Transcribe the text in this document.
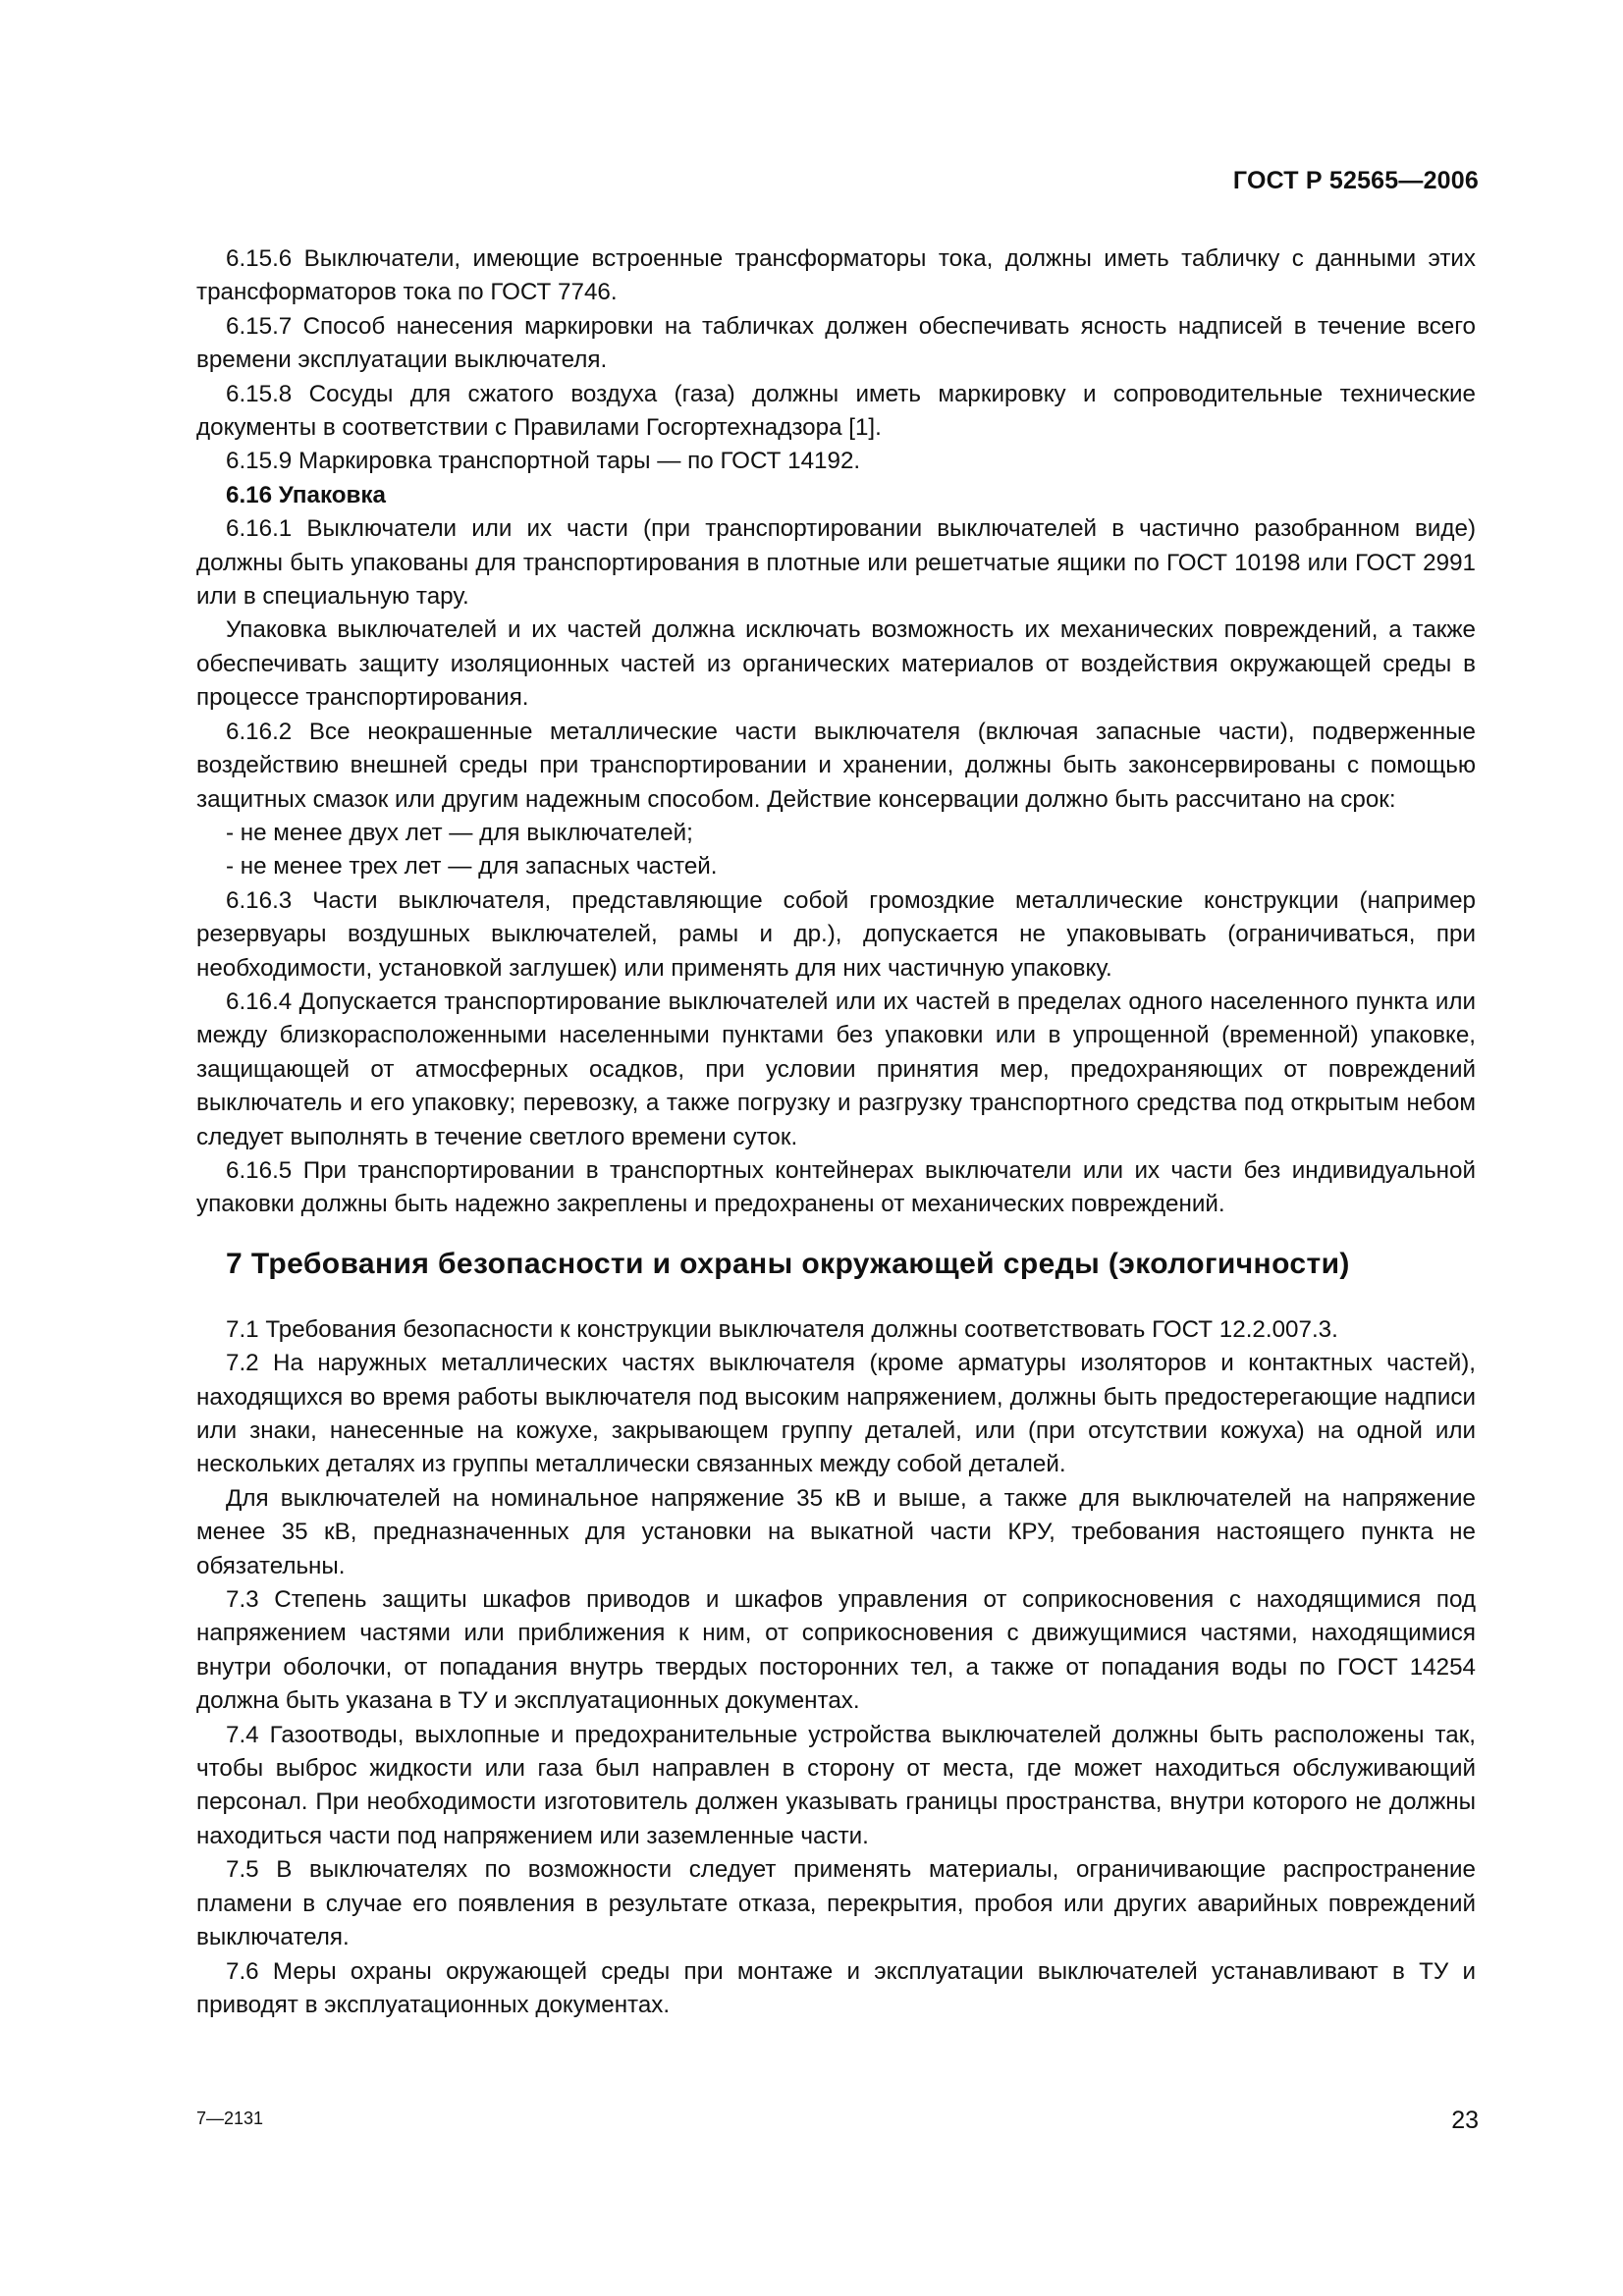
ГОСТ Р 52565—2006

6.15.6 Выключатели, имеющие встроенные трансформаторы тока, должны иметь табличку с данными этих трансформаторов тока по ГОСТ 7746.

6.15.7 Способ нанесения маркировки на табличках должен обеспечивать ясность надписей в течение всего времени эксплуатации выключателя.

6.15.8 Сосуды для сжатого воздуха (газа) должны иметь маркировку и сопроводительные технические документы в соответствии с Правилами Госгортехнадзора [1].

6.15.9 Маркировка транспортной тары — по ГОСТ 14192.

6.16 Упаковка

6.16.1 Выключатели или их части (при транспортировании выключателей в частично разобранном виде) должны быть упакованы для транспортирования в плотные или решетчатые ящики по ГОСТ 10198 или ГОСТ 2991 или в специальную тару.

Упаковка выключателей и их частей должна исключать возможность их механических повреждений, а также обеспечивать защиту изоляционных частей из органических материалов от воздействия окружающей среды в процессе транспортирования.

6.16.2 Все неокрашенные металлические части выключателя (включая запасные части), подверженные воздействию внешней среды при транспортировании и хранении, должны быть законсервированы с помощью защитных смазок или другим надежным способом. Действие консервации должно быть рассчитано на срок:

- не менее двух лет — для выключателей;

- не менее трех лет — для запасных частей.

6.16.3 Части выключателя, представляющие собой громоздкие металлические конструкции (например резервуары воздушных выключателей, рамы и др.), допускается не упаковывать (ограничиваться, при необходимости, установкой заглушек) или применять для них частичную упаковку.

6.16.4 Допускается транспортирование выключателей или их частей в пределах одного населенного пункта или между близкорасположенными населенными пунктами без упаковки или в упрощенной (временной) упаковке, защищающей от атмосферных осадков, при условии принятия мер, предохраняющих от повреждений выключатель и его упаковку; перевозку, а также погрузку и разгрузку транспортного средства под открытым небом следует выполнять в течение светлого времени суток.

6.16.5 При транспортировании в транспортных контейнерах выключатели или их части без индивидуальной упаковки должны быть надежно закреплены и предохранены от механических повреждений.

7 Требования безопасности и охраны окружающей среды (экологичности)

7.1 Требования безопасности к конструкции выключателя должны соответствовать ГОСТ 12.2.007.3.

7.2 На наружных металлических частях выключателя (кроме арматуры изоляторов и контактных частей), находящихся во время работы выключателя под высоким напряжением, должны быть предостерегающие надписи или знаки, нанесенные на кожухе, закрывающем группу деталей, или (при отсутствии кожуха) на одной или нескольких деталях из группы металлически связанных между собой деталей.

Для выключателей на номинальное напряжение 35 кВ и выше, а также для выключателей на напряжение менее 35 кВ, предназначенных для установки на выкатной части КРУ, требования настоящего пункта не обязательны.

7.3 Степень защиты шкафов приводов и шкафов управления от соприкосновения с находящимися под напряжением частями или приближения к ним, от соприкосновения с движущимися частями, находящимися внутри оболочки, от попадания внутрь твердых посторонних тел, а также от попадания воды по ГОСТ 14254 должна быть указана в ТУ и эксплуатационных документах.

7.4 Газоотводы, выхлопные и предохранительные устройства выключателей должны быть расположены так, чтобы выброс жидкости или газа был направлен в сторону от места, где может находиться обслуживающий персонал. При необходимости изготовитель должен указывать границы пространства, внутри которого не должны находиться части под напряжением или заземленные части.

7.5 В выключателях по возможности следует применять материалы, ограничивающие распространение пламени в случае его появления в результате отказа, перекрытия, пробоя или других аварийных повреждений выключателя.

7.6 Меры охраны окружающей среды при монтаже и эксплуатации выключателей устанавливают в ТУ и приводят в эксплуатационных документах.

7—2131	23
